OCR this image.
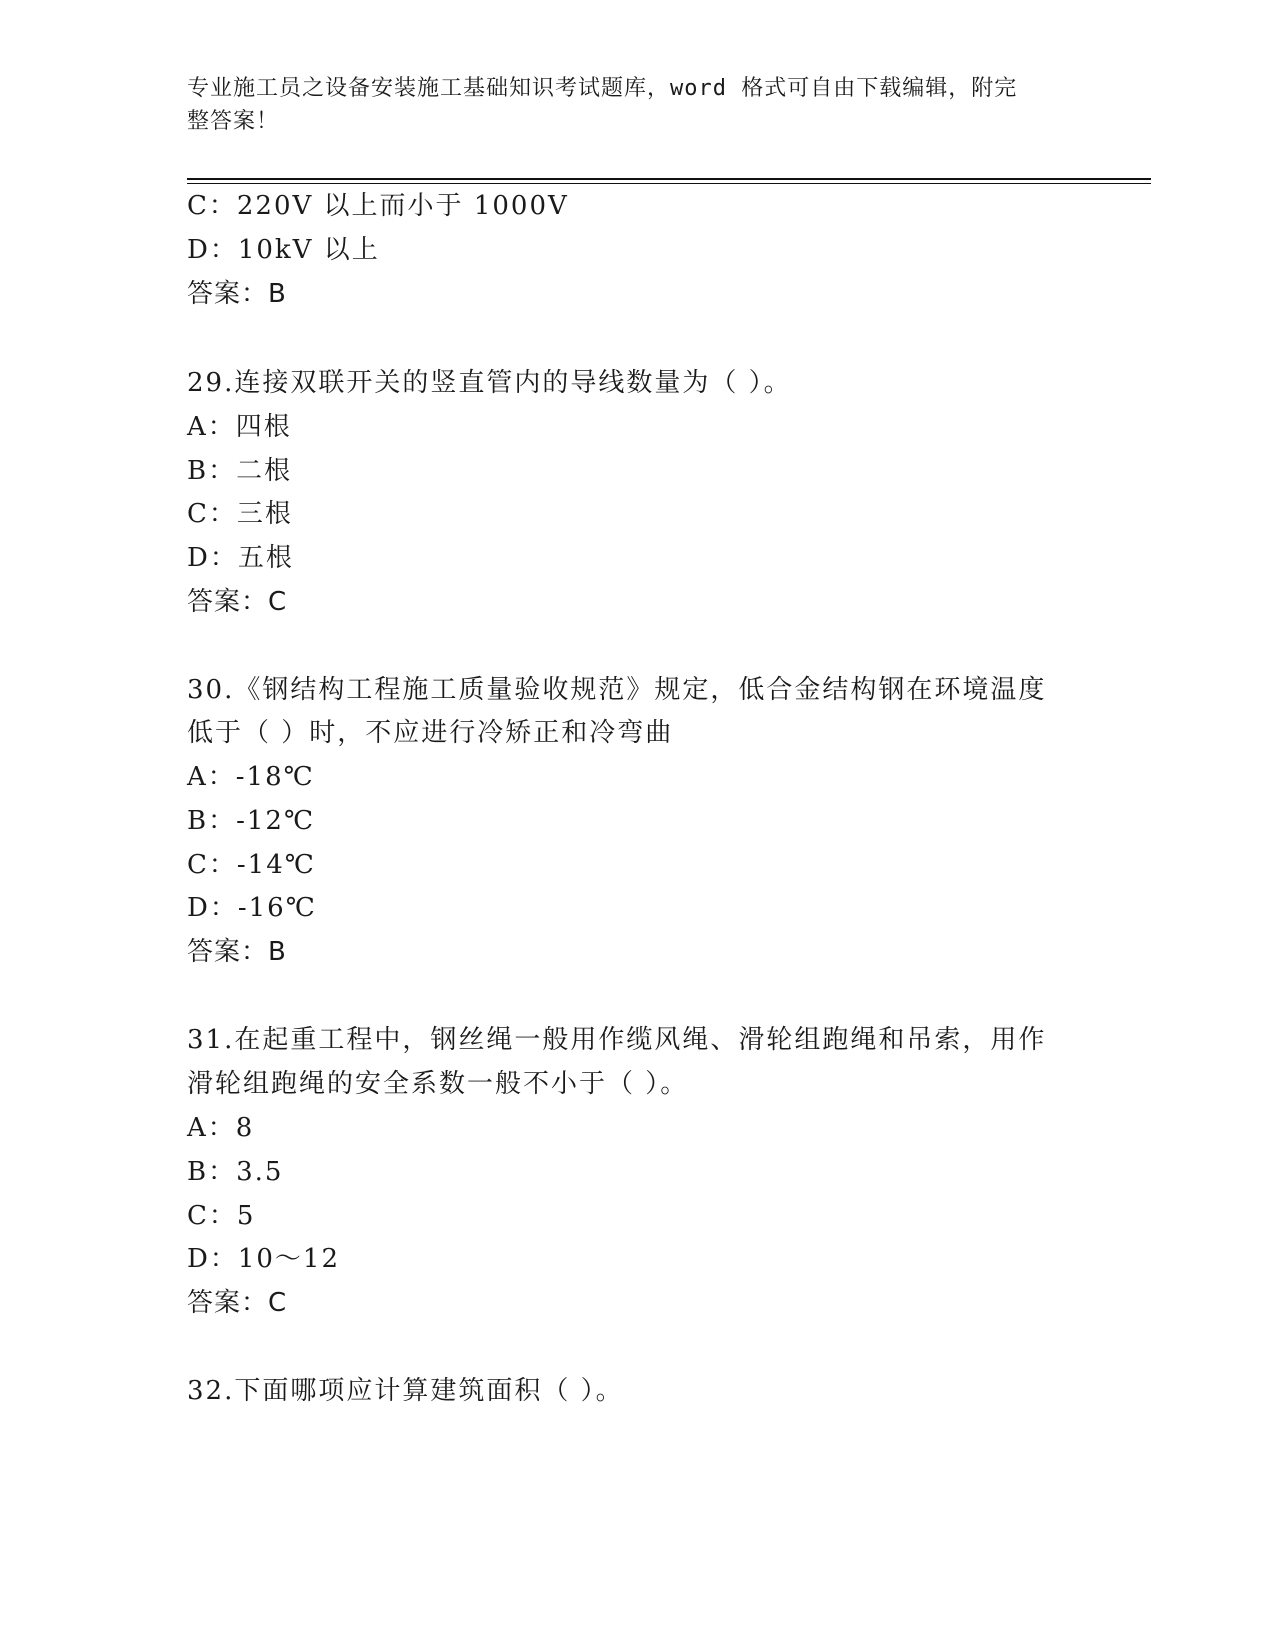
专业施工员之设备安装施工基础知识考试题库，word 格式可自由下载编辑，附完
整答案！
C：220V 以上而小于 1000V
D：10kV 以上
答案：B
29.连接双联开关的竖直管内的导线数量为（ ）。
A：四根
B：二根
C：三根
D：五根
答案：C
30.《钢结构工程施工质量验收规范》规定，低合金结构钢在环境温度
低于（ ）时，不应进行冷矫正和冷弯曲
A：-18℃
B：-12℃
C：-14℃
D：-16℃
答案：B
31.在起重工程中，钢丝绳一般用作缆风绳、滑轮组跑绳和吊索，用作
滑轮组跑绳的安全系数一般不小于（ ）。
A：8
B：3.5
C：5
D：10～12
答案：C
32.下面哪项应计算建筑面积（ ）。
